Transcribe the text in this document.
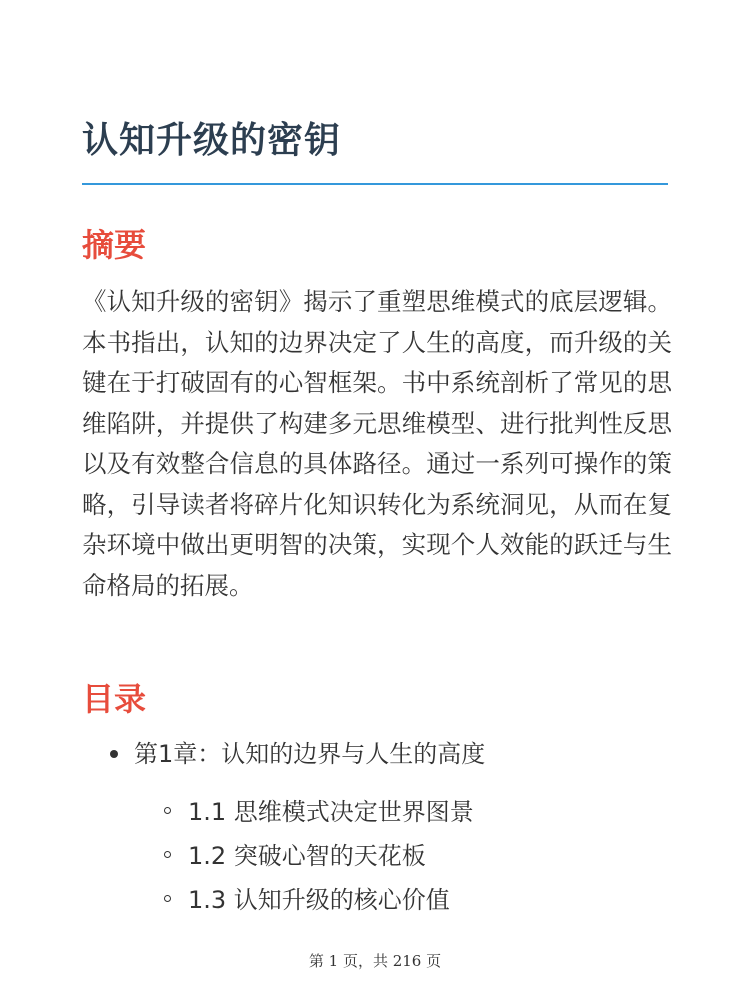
认知升级的密钥
摘要

《认知升级的密钥》揭示了重塑思维模式的底层逻辑。本书指出，认知的边界决定了人生的高度，而升级的关键在于打破固有的心智框架。书中系统剖析了常见的思维陷阱，并提供了构建多元思维模型、进行批判性反思以及有效整合信息的具体路径。通过一系列可操作的策略，引导读者将碎片化知识转化为系统洞见，从而在复杂环境中做出更明智的决策，实现个人效能的跃迁与生命格局的拓展。

目录
第1章：认知的边界与人生的高度
1.1 思维模式决定世界图景
1.2 突破心智的天花板
1.3 认知升级的核心价值
第 1 页，共 216 页
